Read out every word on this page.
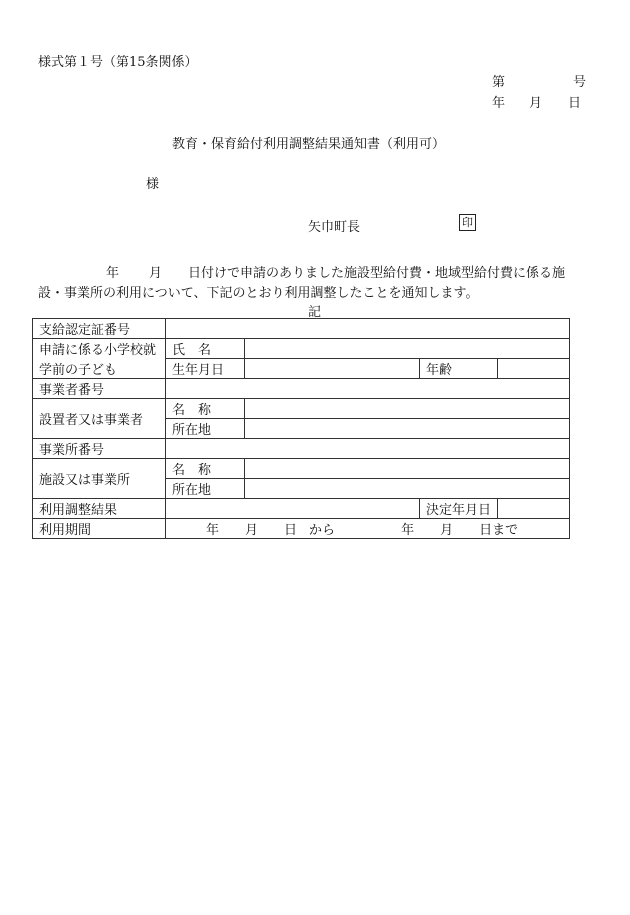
様式第１号（第15条関係）
第	号
年 月 日
教育・保育給付利用調整結果通知書（利用可）
様
矢巾町長	印
年 月 日付けで申請のありました施設型給付費・地域型給付費に係る施
設・事業所の利用について、下記のとおり利用調整したことを通知します。
記
支給認定証番号				
申請に係る小学校就	氏　名			
学前の子ども	生年月日		年齢	
事業者番号				
設置者又は事業者	名　称			
	所在地			
事業所番号				
施設又は事業所	名　称			
	所在地			
利用調整結果			決定年月日	
利用期間	年 月 日 から 年 月 日まで			
